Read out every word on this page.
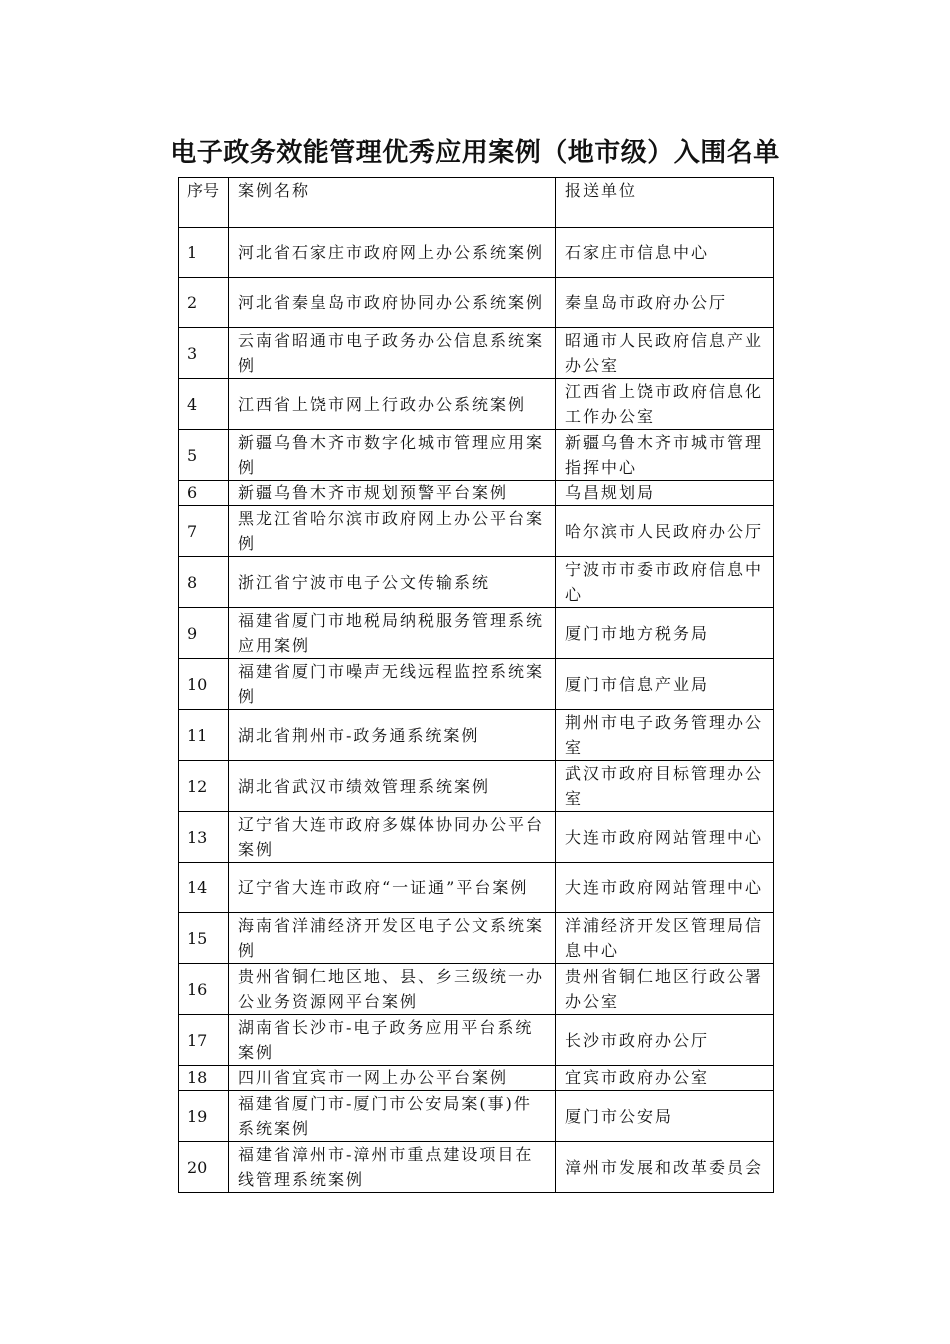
电子政务效能管理优秀应用案例（地市级）入围名单
序号	案例名称	报送单位
1	河北省石家庄市政府网上办公系统案例	石家庄市信息中心
2	河北省秦皇岛市政府协同办公系统案例	秦皇岛市政府办公厅
3	云南省昭通市电子政务办公信息系统案例	昭通市人民政府信息产业办公室
4	江西省上饶市网上行政办公系统案例	江西省上饶市政府信息化工作办公室
5	新疆乌鲁木齐市数字化城市管理应用案例	新疆乌鲁木齐市城市管理指挥中心
6	新疆乌鲁木齐市规划预警平台案例	乌昌规划局
7	黑龙江省哈尔滨市政府网上办公平台案例	哈尔滨市人民政府办公厅
8	浙江省宁波市电子公文传输系统	宁波市市委市政府信息中心
9	福建省厦门市地税局纳税服务管理系统应用案例	厦门市地方税务局
10	福建省厦门市噪声无线远程监控系统案例	厦门市信息产业局
11	湖北省荆州市-政务通系统案例	荆州市电子政务管理办公室
12	湖北省武汉市绩效管理系统案例	武汉市政府目标管理办公室
13	辽宁省大连市政府多媒体协同办公平台案例	大连市政府网站管理中心
14	辽宁省大连市政府“一证通”平台案例	大连市政府网站管理中心
15	海南省洋浦经济开发区电子公文系统案例	洋浦经济开发区管理局信息中心
16	贵州省铜仁地区地、县、乡三级统一办公业务资源网平台案例	贵州省铜仁地区行政公署办公室
17	湖南省长沙市-电子政务应用平台系统案例	长沙市政府办公厅
18	四川省宜宾市一网上办公平台案例	宜宾市政府办公室
19	福建省厦门市-厦门市公安局案(事)件系统案例	厦门市公安局
20	福建省漳州市-漳州市重点建设项目在线管理系统案例	漳州市发展和改革委员会
